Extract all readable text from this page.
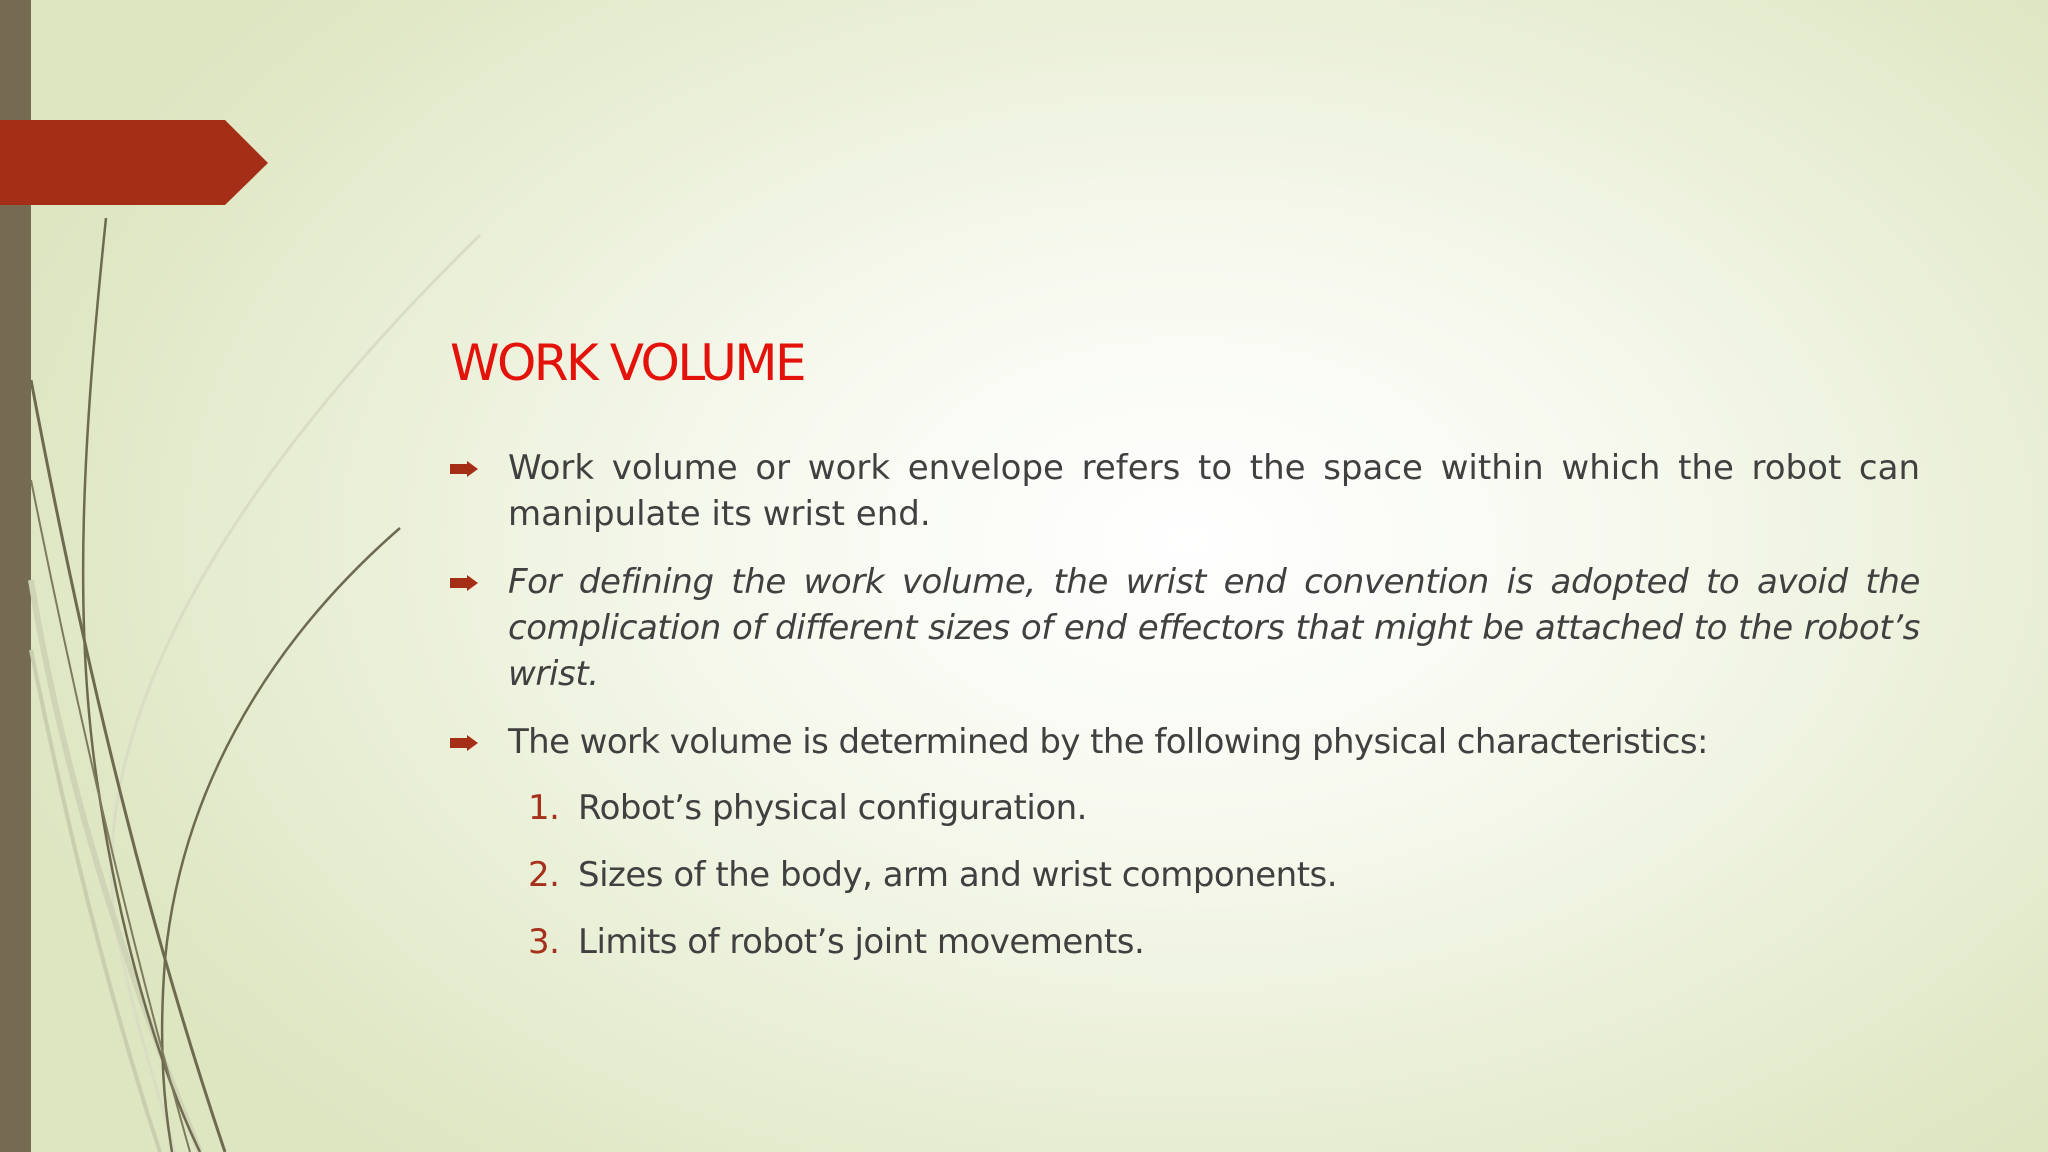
WORK VOLUME
Work volume or work envelope refers to the space within which the robot can manipulate its wrist end.
For defining the work volume, the wrist end convention is adopted to avoid the complication of different sizes of end effectors that might be attached to the robot’s wrist.
The work volume is determined by the following physical characteristics:
1. Robot’s physical configuration.
2. Sizes of the body, arm and wrist components.
3. Limits of robot’s joint movements.
